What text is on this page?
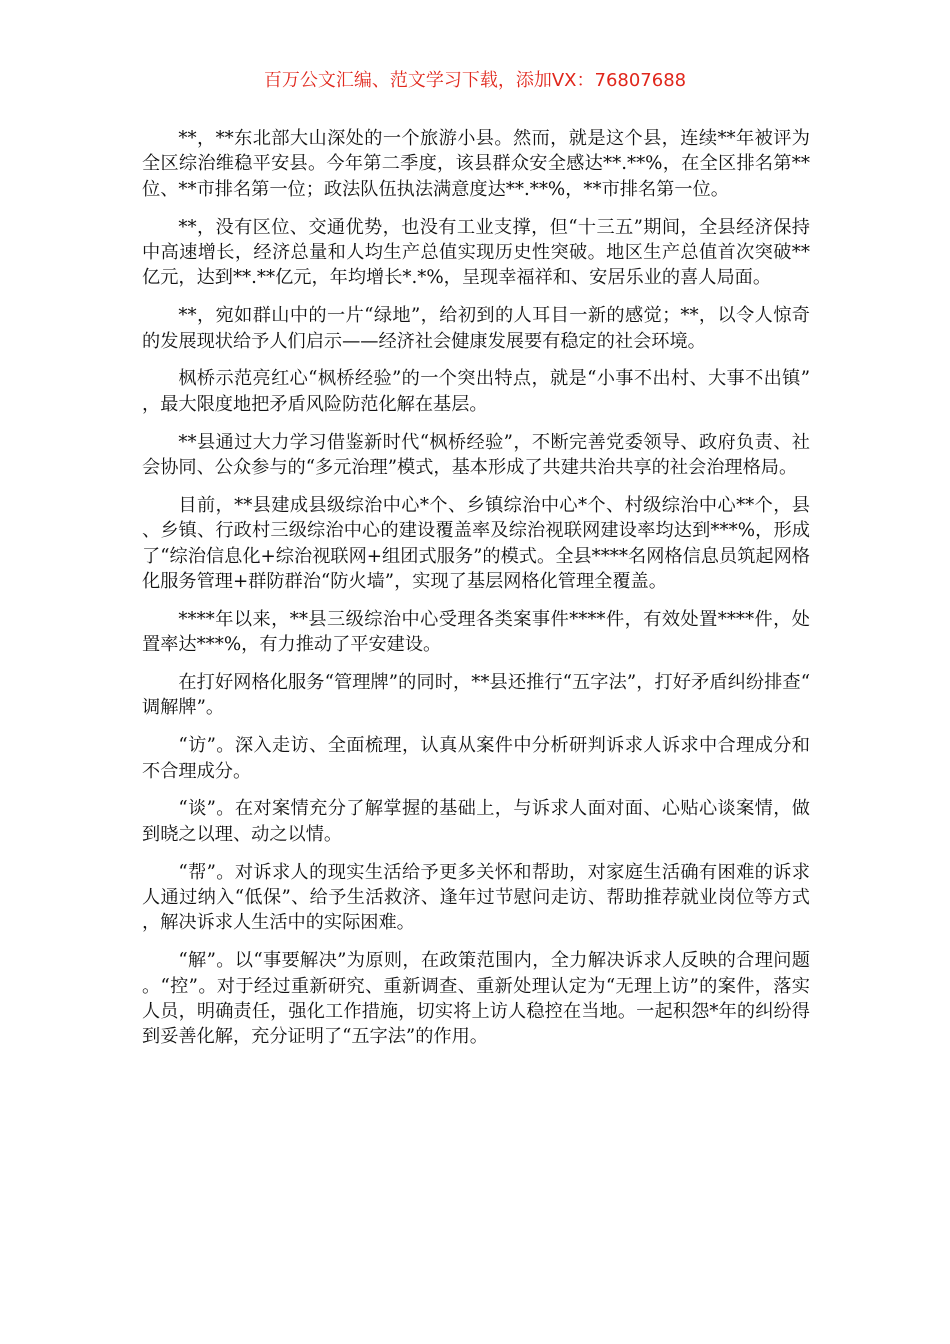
百万公文汇编、范文学习下载，添加VX：76807688

**，**东北部大山深处的一个旅游小县。然而，就是这个县，连续**年被评为全区综治维稳平安县。今年第二季度，该县群众安全感达**.**%，在全区排名第**位、**市排名第一位；政法队伍执法满意度达**.**%，**市排名第一位。

**，没有区位、交通优势，也没有工业支撑，但“十三五”期间，全县经济保持中高速增长，经济总量和人均生产总值实现历史性突破。地区生产总值首次突破**亿元，达到**.**亿元，年均增长*.*%，呈现幸福祥和、安居乐业的喜人局面。

**，宛如群山中的一片“绿地”，给初到的人耳目一新的感觉；**，以令人惊奇的发展现状给予人们启示——经济社会健康发展要有稳定的社会环境。

枫桥示范亮红心“枫桥经验”的一个突出特点，就是“小事不出村、大事不出镇”，最大限度地把矛盾风险防范化解在基层。

**县通过大力学习借鉴新时代“枫桥经验”，不断完善党委领导、政府负责、社会协同、公众参与的“多元治理”模式，基本形成了共建共治共享的社会治理格局。

目前，**县建成县级综治中心*个、乡镇综治中心*个、村级综治中心**个，县、乡镇、行政村三级综治中心的建设覆盖率及综治视联网建设率均达到***%，形成了“综治信息化+综治视联网+组团式服务”的模式。全县****名网格信息员筑起网格化服务管理+群防群治“防火墙”，实现了基层网格化管理全覆盖。

****年以来，**县三级综治中心受理各类案事件****件，有效处置****件，处置率达***%，有力推动了平安建设。

在打好网格化服务“管理牌”的同时，**县还推行“五字法”，打好矛盾纠纷排查“调解牌”。

“访”。深入走访、全面梳理，认真从案件中分析研判诉求人诉求中合理成分和不合理成分。

“谈”。在对案情充分了解掌握的基础上，与诉求人面对面、心贴心谈案情，做到晓之以理、动之以情。

“帮”。对诉求人的现实生活给予更多关怀和帮助，对家庭生活确有困难的诉求人通过纳入“低保”、给予生活救济、逢年过节慰问走访、帮助推荐就业岗位等方式，解决诉求人生活中的实际困难。

“解”。以“事要解决”为原则，在政策范围内，全力解决诉求人反映的合理问题。“控”。对于经过重新研究、重新调查、重新处理认定为“无理上访”的案件，落实人员，明确责任，强化工作措施，切实将上访人稳控在当地。一起积怨*年的纠纷得到妥善化解，充分证明了“五字法”的作用。
